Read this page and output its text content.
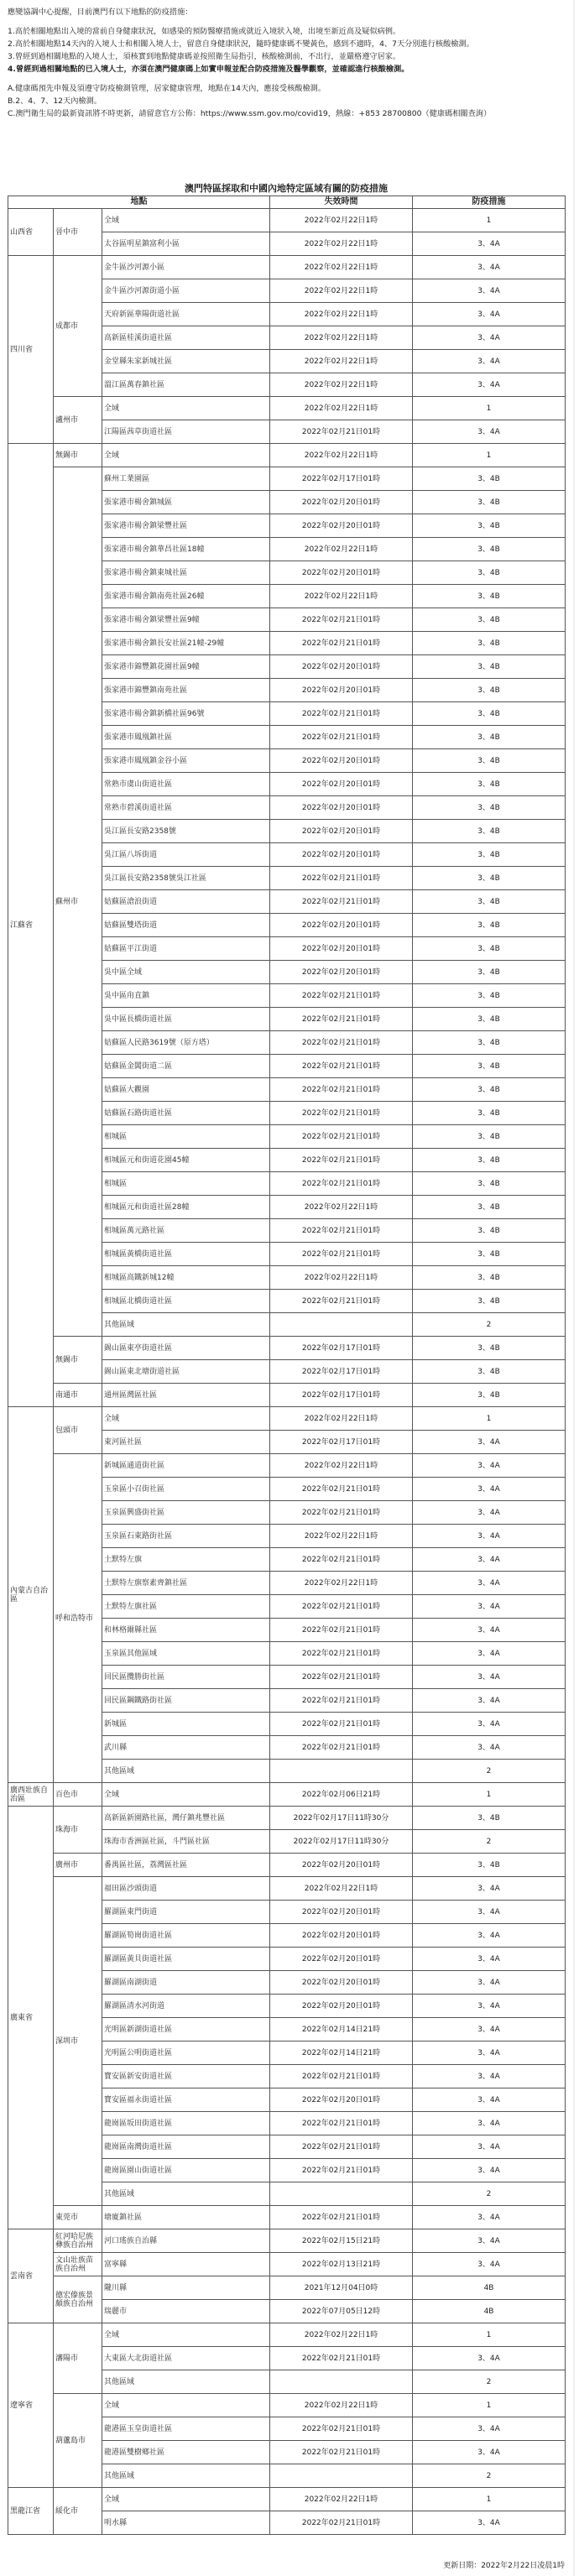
應變協調中心提醒，目前澳門有以下地點的防疫措施：

1.高於相關地點出入境的當前自身健康狀況，如感染的預防醫療措施或就近入境狀入境，出境至新近高及疑似病例。

2.高於相關地點14天內的入境人士和相關入境人士，留意自身健康狀況，隨時健康碼不變黃色，感到不適時，4、7天分別進行核酸檢測。

3.曾經到過相關地點的入境人士，須核實到地點健康碼並按照衛生局指引，核酸檢測前，不出行，並嚴格遵守居家。

4.曾經到過相關地點的已入境人士，亦須在澳門健康碼上如實申報並配合防疫措施及醫學觀察，並確認進行核酸檢測。

A.健康碼預先申報及須遵守防疫檢測管理，居家健康管理，地點在14天內，應接受核酸檢測。

B.2、4、7、12天內檢測。

C.澳門衛生局的最新資訊將不時更新，請留意官方公佈：https://www.ssm.gov.mo/covid19，熱線：+853 28700800（健康碼相關查詢）

澳門特區採取和中國內地特定區域有關的防疫措施
地點			失效時間	防疫措施
山西省	晉中市	全域	2022年02月22日1時	1
		太谷區明星鎮富利小區	2022年02月22日1時	3、4A
四川省	成都市	金牛區沙河源小區	2022年02月22日1時	3、4A
		金牛區沙河源街道小區	2022年02月22日1時	3、4A
		天府新區華陽街道社區	2022年02月22日1時	3、4A
		高新區桂溪街道社區	2022年02月22日1時	3、4A
		金堂縣朱家新城社區	2022年02月22日1時	3、4A
		溫江區萬春鎮社區	2022年02月22日1時	3、4A
	瀘州市	全域	2022年02月22日1時	1
		江陽區茜草街道社區	2022年02月21日01時	3、4A
江蘇省	無錫市	全域	2022年02月22日1時	1
	蘇州市	蘇州工業園區	2022年02月17日01時	3、4B
		張家港市楊舍鎮城區	2022年02月20日01時	3、4B
		張家港市楊舍鎮梁豐社區	2022年02月20日01時	3、4B
		張家港市楊舍鎮華昌社區18幢	2022年02月22日1時	3、4B
		張家港市楊舍鎮東城社區	2022年02月20日01時	3、4B
		張家港市楊舍鎮南苑社區26幢	2022年02月22日1時	3、4B
		張家港市楊舍鎮梁豐社區9幢	2022年02月21日01時	3、4B
		張家港市楊舍鎮長安社區21幢-29幢	2022年02月21日01時	3、4B
		張家港市錦豐鎮花園社區9幢	2022年02月20日01時	3、4B
		張家港市錦豐鎮南苑社區	2022年02月20日01時	3、4B
		張家港市楊舍鎮新橋社區96號	2022年02月21日01時	3、4B
		張家港市鳳凰鎮社區	2022年02月21日01時	3、4B
		張家港市鳳凰鎮金谷小區	2022年02月20日01時	3、4B
		常熟市虞山街道社區	2022年02月20日01時	3、4B
		常熟市碧溪街道社區	2022年02月20日01時	3、4B
		吳江區長安路2358號	2022年02月20日01時	3、4B
		吳江區八坼街道	2022年02月20日01時	3、4B
		吳江區長安路2358號吳江社區	2022年02月21日01時	3、4B
		姑蘇區滄浪街道	2022年02月21日01時	3、4B
		姑蘇區雙塔街道	2022年02月20日01時	3、4B
		姑蘇區平江街道	2022年02月20日01時	3、4B
		吳中區全域	2022年02月20日01時	3、4B
		吳中區甪直鎮	2022年02月21日01時	3、4B
		吳中區長橋街道社區	2022年02月21日01時	3、4B
		姑蘇區人民路3619號（原方塔）	2022年02月21日01時	3、4B
		姑蘇區金閶街道二區	2022年02月21日01時	3、4B
		姑蘇區大觀園	2022年02月21日01時	3、4B
		姑蘇區石路街道社區	2022年02月21日01時	3、4B
		相城區	2022年02月21日01時	3、4B
		相城區元和街道花園45幢	2022年02月21日01時	3、4B
		相城區	2022年02月21日01時	3、4B
		相城區元和街道社區28幢	2022年02月22日1時	3、4B
		相城區萬元路社區	2022年02月21日01時	3、4B
		相城區黃橋街道社區	2022年02月21日01時	3、4B
		相城區高鐵新城12幢	2022年02月22日1時	3、4B
		相城區北橋街道社區	2022年02月21日01時	3、4B
		其他區域		2
	無錫市	錫山區東亭街道社區	2022年02月17日01時	3、4B
		錫山區東北塘街道社區	2022年02月17日01時	3、4B
	南通市	通州區灣區社區	2022年02月17日01時	3、4B
內蒙古自治區	包頭市	全域	2022年02月22日1時	1
		東河區社區	2022年02月17日01時	3、4A
	呼和浩特市	新城區通道街社區	2022年02月22日1時	3、4A
		玉泉區小召街社區	2022年02月21日01時	3、4A
		玉泉區興盛街社區	2022年02月21日01時	3、4A
		玉泉區石東路街社區	2022年02月22日1時	3、4A
		土默特左旗	2022年02月21日01時	3、4A
		土默特左旗察素齊鎮社區	2022年02月22日1時	3、4A
		土默特左旗社區	2022年02月21日01時	3、4A
		和林格爾縣社區	2022年02月21日01時	3、4A
		玉泉區其他區域	2022年02月21日01時	3、4A
		回民區攬勝街社區	2022年02月21日01時	3、4A
		回民區鋼鐵路街社區	2022年02月21日01時	3、4A
		新城區	2022年02月21日01時	3、4A
		武川縣	2022年02月21日01時	3、4A
		其他區域		2
廣西壯族自治區	百色市	全域	2022年02月06日21時	1
廣東省	珠海市	高新區新園路社區，灣仔鎮兆豐社區	2022年02月17日11時30分	3、4B
		珠海市香洲區社區，斗門區社區	2022年02月17日11時30分	2
	廣州市	番禺區社區，荔灣區社區	2022年02月20日01時	3、4B
	深圳市	福田區沙頭街道	2022年02月22日1時	3、4A
		羅湖區東門街道	2022年02月20日01時	3、4A
		羅湖區筍崗街道社區	2022年02月20日01時	3、4A
		羅湖區黃貝街道社區	2022年02月20日01時	3、4A
		羅湖區南湖街道	2022年02月20日01時	3、4A
		羅湖區清水河街道	2022年02月20日01時	3、4A
		光明區新湖街道社區	2022年02月14日21時	3、4A
		光明區公明街道社區	2022年02月14日21時	3、4A
		寶安區新安街道社區	2022年02月21日01時	3、4A
		寶安區福永街道社區	2022年02月20日01時	3、4A
		龍崗區坂田街道社區	2022年02月21日01時	3、4A
		龍崗區南灣街道社區	2022年02月21日01時	3、4A
		龍崗區園山街道社區	2022年02月21日01時	3、4A
		其他區域		2
	東莞市	塘廈鎮社區	2022年02月21日01時	3、4A
雲南省	紅河哈尼族彝族自治州	河口瑤族自治縣	2022年02月15日21時	3、4A
	文山壯族苗族自治州	富寧縣	2022年02月13日21時	3、4A
	德宏傣族景頗族自治州	隴川縣	2021年12月04日0時	4B
		瑞麗市	2022年07月05日12時	4B
遼寧省	瀋陽市	全域	2022年02月22日1時	1
		大東區大北街道社區	2022年02月21日01時	3、4A
		其他區域		2
	葫蘆島市	全域	2022年02月22日1時	1
		龍港區玉皇街道社區	2022年02月21日01時	3、4A
		龍港區雙樹鄉社區	2022年02月21日01時	3、4A
		其他區域		2
黑龍江省	綏化市	全域	2022年02月22日1時	1
		明水縣	2022年02月21日01時	3、4A
更新日期：2022年2月22日凌晨1時
